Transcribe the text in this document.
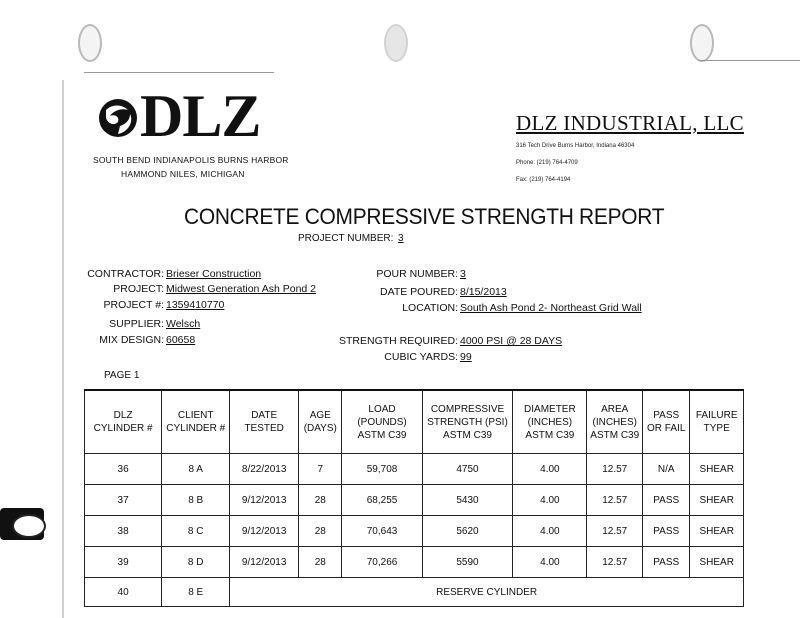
DLZ
SOUTH BEND INDIANAPOLIS BURNS HARBOR
HAMMOND NILES, MICHIGAN
DLZ INDUSTRIAL, LLC
316 Tech Drive Burns Harbor, Indiana 46304
Phone: (219) 764-4709
Fax: (219) 764-4194
CONCRETE COMPRESSIVE STRENGTH REPORT
PROJECT NUMBER: 3
CONTRACTOR: Brieser Construction
PROJECT: Midwest Generation Ash Pond 2
PROJECT #: 1359410770
SUPPLIER: Welsch
MIX DESIGN: 60658
POUR NUMBER: 3
DATE POURED: 8/15/2013
LOCATION: South Ash Pond 2- Northeast Grid Wall
STRENGTH REQUIRED: 4000 PSI @ 28 DAYS
CUBIC YARDS: 99
PAGE 1
DLZ CYLINDER #	CLIENT CYLINDER #	DATE TESTED	AGE (DAYS)	LOAD (POUNDS) ASTM C39	COMPRESSIVE STRENGTH (PSI) ASTM C39	DIAMETER (INCHES) ASTM C39	AREA (INCHES) ASTM C39	PASS OR FAIL	FAILURE TYPE
36	8 A	8/22/2013	7	59,708	4750	4.00	12.57	N/A	SHEAR
37	8 B	9/12/2013	28	68,255	5430	4.00	12.57	PASS	SHEAR
38	8 C	9/12/2013	28	70,643	5620	4.00	12.57	PASS	SHEAR
39	8 D	9/12/2013	28	70,266	5590	4.00	12.57	PASS	SHEAR
40	8 E	RESERVE CYLINDER							
